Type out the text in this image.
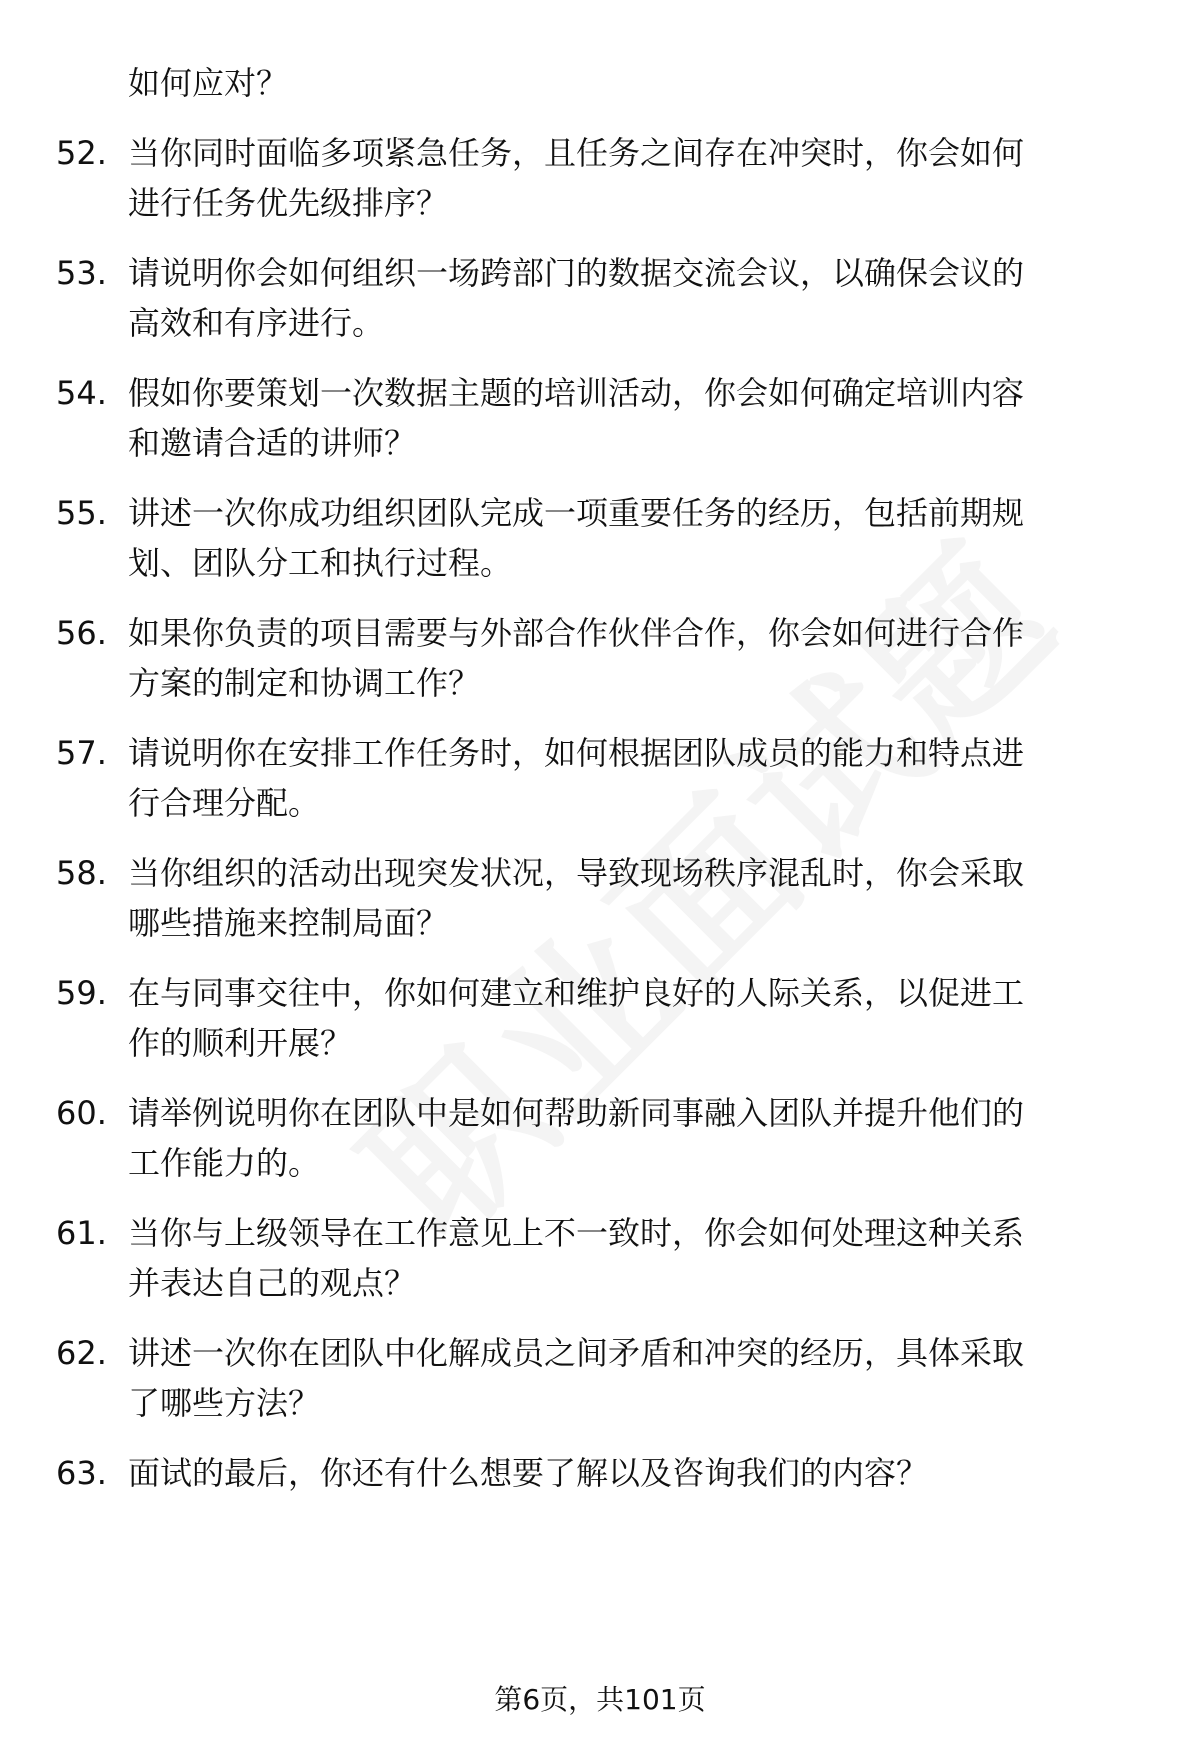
如何应对？
52. 当你同时面临多项紧急任务，且任务之间存在冲突时，你会如何
进行任务优先级排序？
53. 请说明你会如何组织一场跨部门的数据交流会议，以确保会议的
高效和有序进行。
54. 假如你要策划一次数据主题的培训活动，你会如何确定培训内容
和邀请合适的讲师？
55. 讲述一次你成功组织团队完成一项重要任务的经历，包括前期规
划、团队分工和执行过程。
56. 如果你负责的项目需要与外部合作伙伴合作，你会如何进行合作
方案的制定和协调工作？
57. 请说明你在安排工作任务时，如何根据团队成员的能力和特点进
行合理分配。
58. 当你组织的活动出现突发状况，导致现场秩序混乱时，你会采取
哪些措施来控制局面？
59. 在与同事交往中，你如何建立和维护良好的人际关系，以促进工
作的顺利开展？
60. 请举例说明你在团队中是如何帮助新同事融入团队并提升他们的
工作能力的。
61. 当你与上级领导在工作意见上不一致时，你会如何处理这种关系
并表达自己的观点？
62. 讲述一次你在团队中化解成员之间矛盾和冲突的经历，具体采取
了哪些方法？
63. 面试的最后，你还有什么想要了解以及咨询我们的内容？
第6页，共101页
